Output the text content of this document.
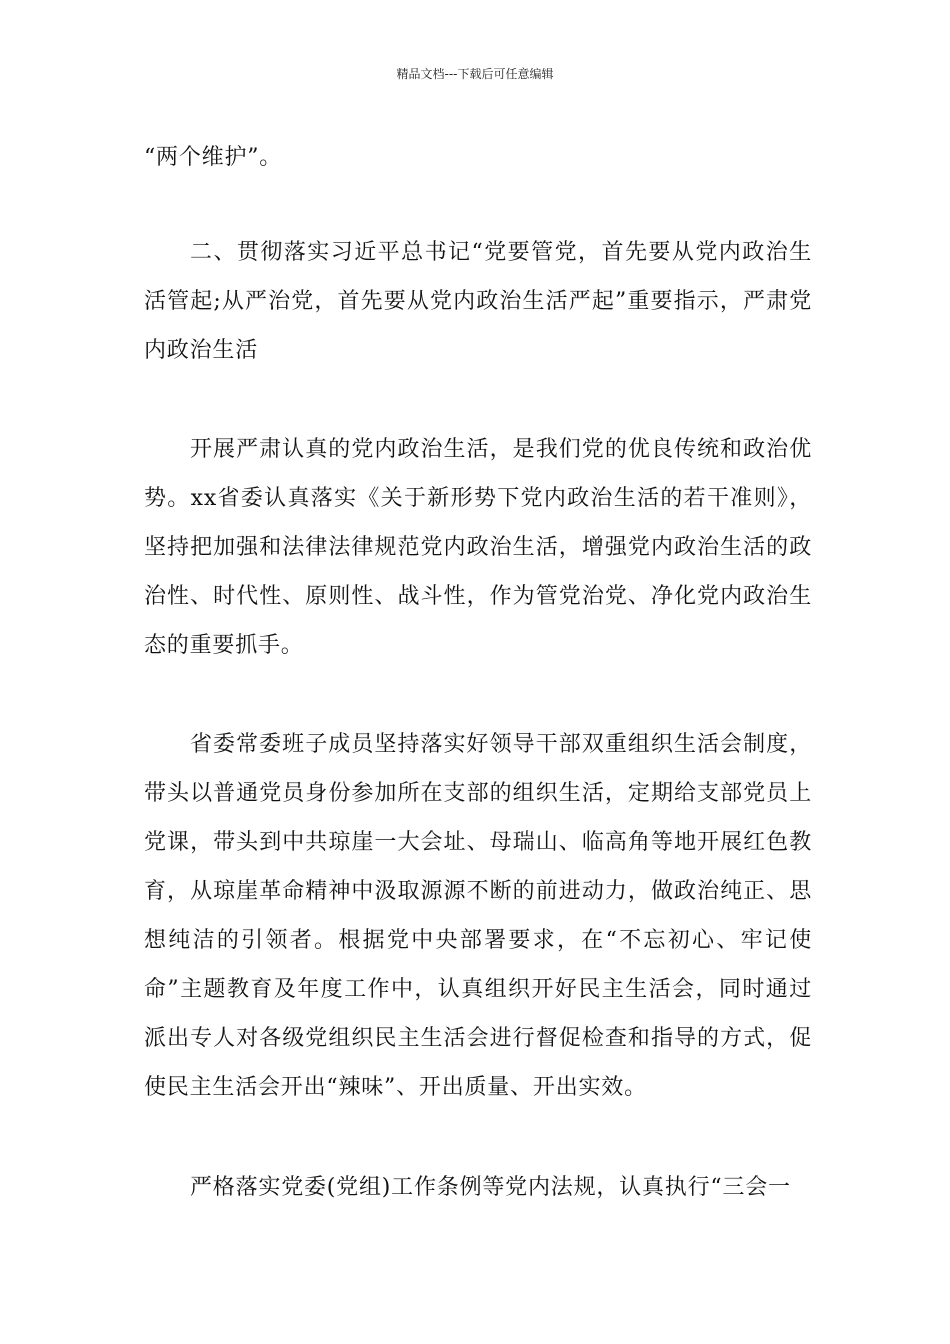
精品文档---下载后可任意编辑

“两个维护”。

二、贯彻落实习近平总书记“党要管党，首先要从党内政治生活管起;从严治党，首先要从党内政治生活严起”重要指示，严肃党内政治生活

开展严肃认真的党内政治生活，是我们党的优良传统和政治优势。xx省委认真落实《关于新形势下党内政治生活的若干准则》，坚持把加强和法律法律规范党内政治生活，增强党内政治生活的政治性、时代性、原则性、战斗性，作为管党治党、净化党内政治生态的重要抓手。

省委常委班子成员坚持落实好领导干部双重组织生活会制度，带头以普通党员身份参加所在支部的组织生活，定期给支部党员上党课，带头到中共琼崖一大会址、母瑞山、临高角等地开展红色教育，从琼崖革命精神中汲取源源不断的前进动力，做政治纯正、思想纯洁的引领者。根据党中央部署要求，在“不忘初心、牢记使命”主题教育及年度工作中，认真组织开好民主生活会，同时通过派出专人对各级党组织民主生活会进行督促检查和指导的方式，促使民主生活会开出“辣味”、开出质量、开出实效。

严格落实党委(党组)工作条例等党内法规，认真执行“三会一
